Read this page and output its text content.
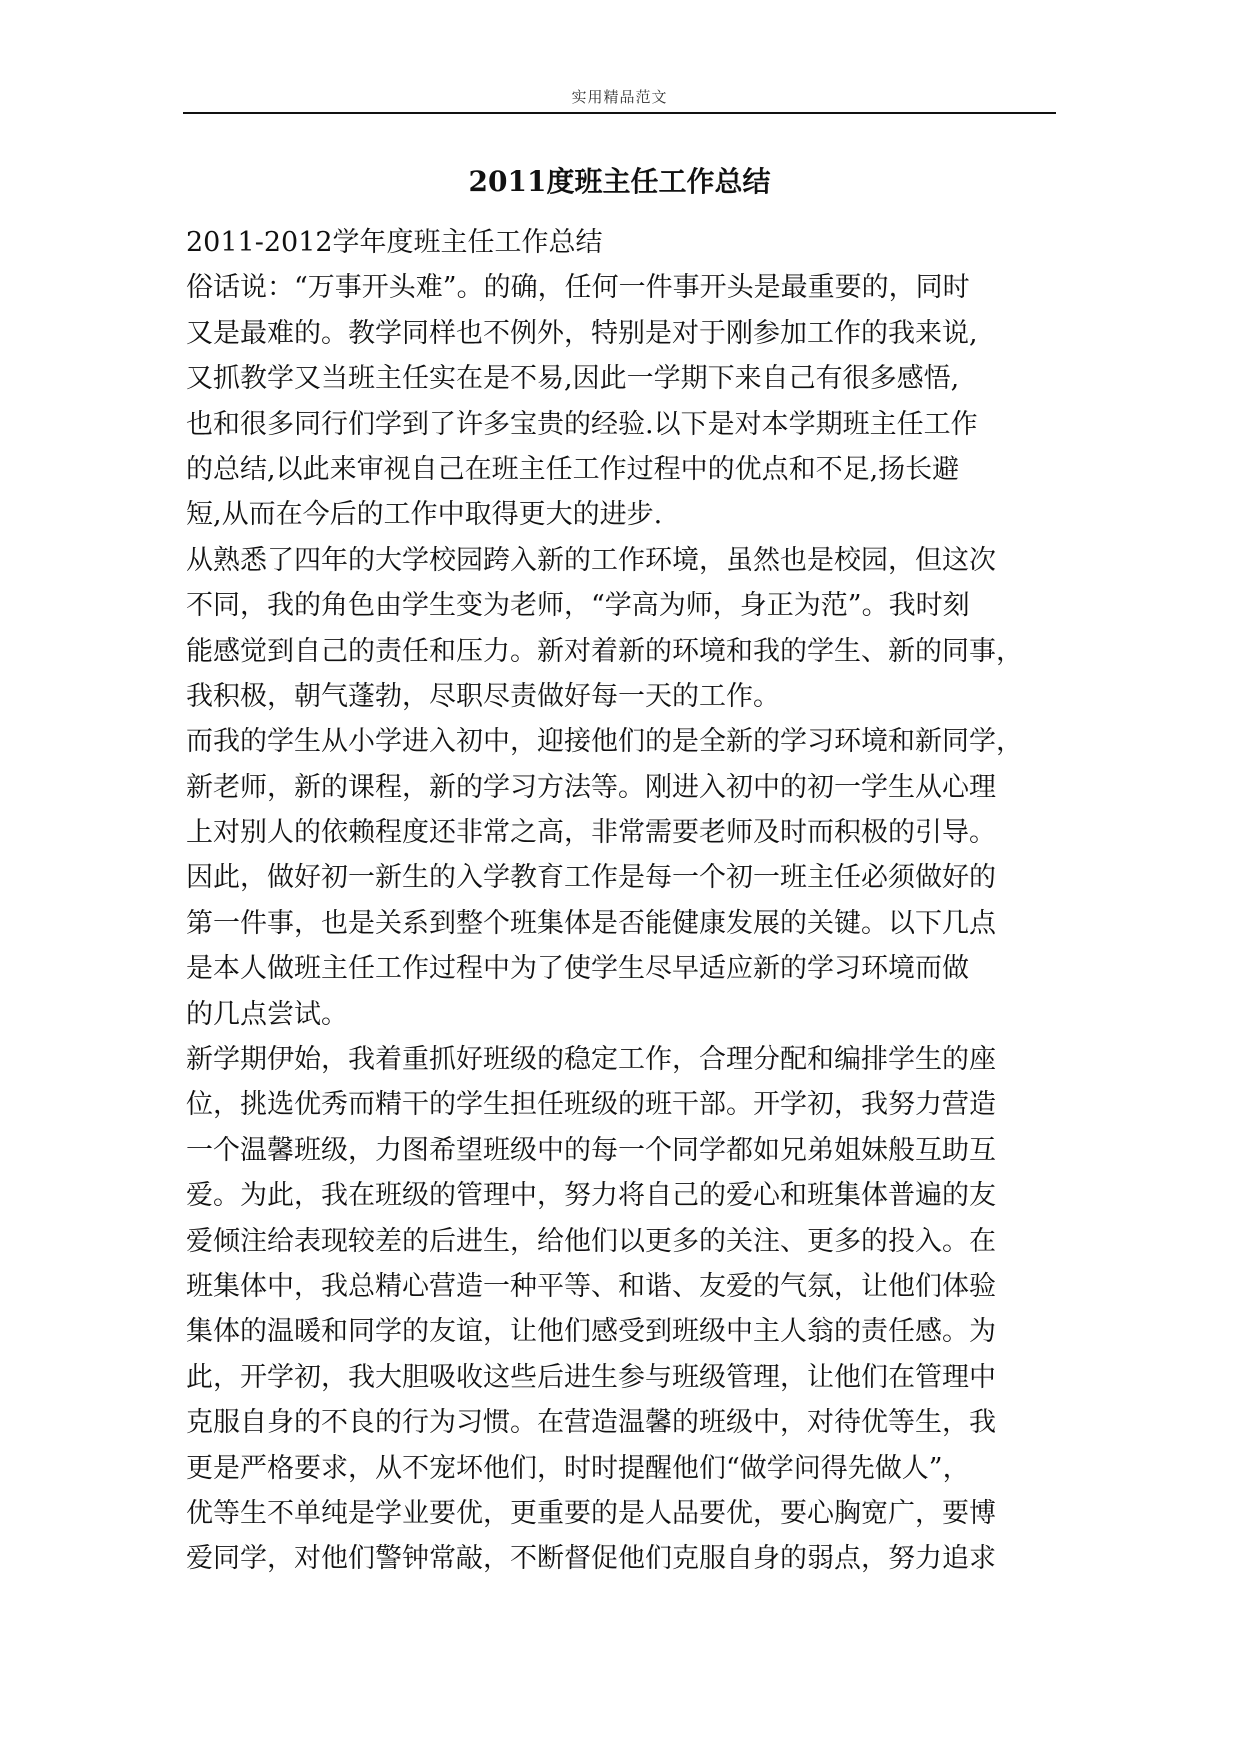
实用精品范文
2011度班主任工作总结
2011-2012学年度班主任工作总结
俗话说：“万事开头难”。的确，任何一件事开头是最重要的，同时
又是最难的。教学同样也不例外，特别是对于刚参加工作的我来说,
又抓教学又当班主任实在是不易,因此一学期下来自己有很多感悟,
也和很多同行们学到了许多宝贵的经验.以下是对本学期班主任工作
的总结,以此来审视自己在班主任工作过程中的优点和不足,扬长避
短,从而在今后的工作中取得更大的进步.
从熟悉了四年的大学校园跨入新的工作环境，虽然也是校园，但这次
不同，我的角色由学生变为老师，“学高为师，身正为范”。我时刻
能感觉到自己的责任和压力。新对着新的环境和我的学生、新的同事，
我积极，朝气蓬勃，尽职尽责做好每一天的工作。
而我的学生从小学进入初中，迎接他们的是全新的学习环境和新同学，
新老师，新的课程，新的学习方法等。刚进入初中的初一学生从心理
上对别人的依赖程度还非常之高，非常需要老师及时而积极的引导。
因此，做好初一新生的入学教育工作是每一个初一班主任必须做好的
第一件事，也是关系到整个班集体是否能健康发展的关键。以下几点
是本人做班主任工作过程中为了使学生尽早适应新的学习环境而做
的几点尝试。
新学期伊始，我着重抓好班级的稳定工作，合理分配和编排学生的座
位，挑选优秀而精干的学生担任班级的班干部。开学初，我努力营造
一个温馨班级，力图希望班级中的每一个同学都如兄弟姐妹般互助互
爱。为此，我在班级的管理中，努力将自己的爱心和班集体普遍的友
爱倾注给表现较差的后进生，给他们以更多的关注、更多的投入。在
班集体中，我总精心营造一种平等、和谐、友爱的气氛，让他们体验
集体的温暖和同学的友谊，让他们感受到班级中主人翁的责任感。为
此，开学初，我大胆吸收这些后进生参与班级管理，让他们在管理中
克服自身的不良的行为习惯。在营造温馨的班级中，对待优等生，我
更是严格要求，从不宠坏他们，时时提醒他们“做学问得先做人”，
优等生不单纯是学业要优，更重要的是人品要优，要心胸宽广，要博
爱同学，对他们警钟常敲，不断督促他们克服自身的弱点，努力追求
